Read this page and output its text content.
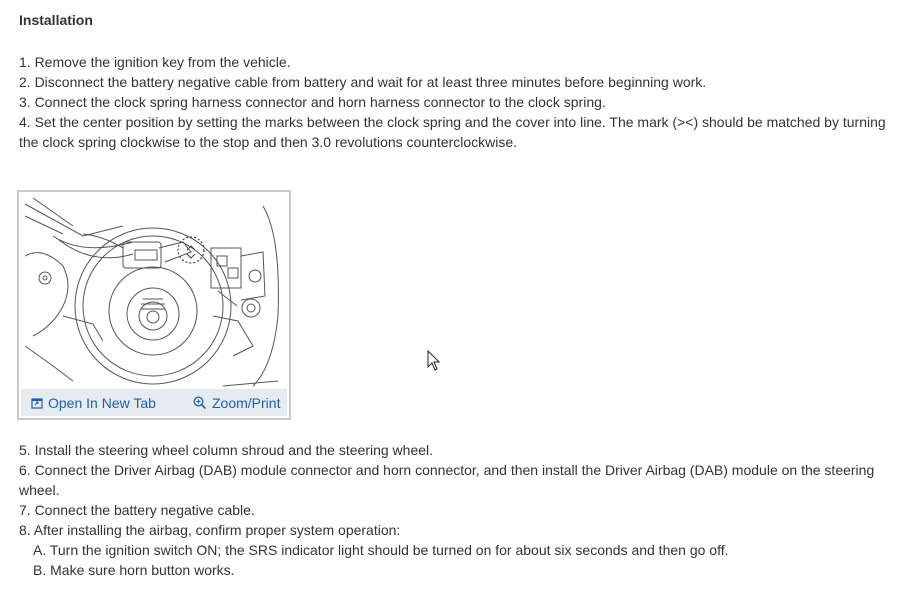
Installation
1. Remove the ignition key from the vehicle.
2. Disconnect the battery negative cable from battery and wait for at least three minutes before beginning work.
3. Connect the clock spring harness connector and horn harness connector to the clock spring.
4. Set the center position by setting the marks between the clock spring and the cover into line. The mark (><) should be matched by turning the clock spring clockwise to the stop and then 3.0 revolutions counterclockwise.
Open In New Tab	Zoom/Print
5. Install the steering wheel column shroud and the steering wheel.
6. Connect the Driver Airbag (DAB) module connector and horn connector, and then install the Driver Airbag (DAB) module on the steering wheel.
7. Connect the battery negative cable.
8. After installing the airbag, confirm proper system operation:
A. Turn the ignition switch ON; the SRS indicator light should be turned on for about six seconds and then go off.
B. Make sure horn button works.
